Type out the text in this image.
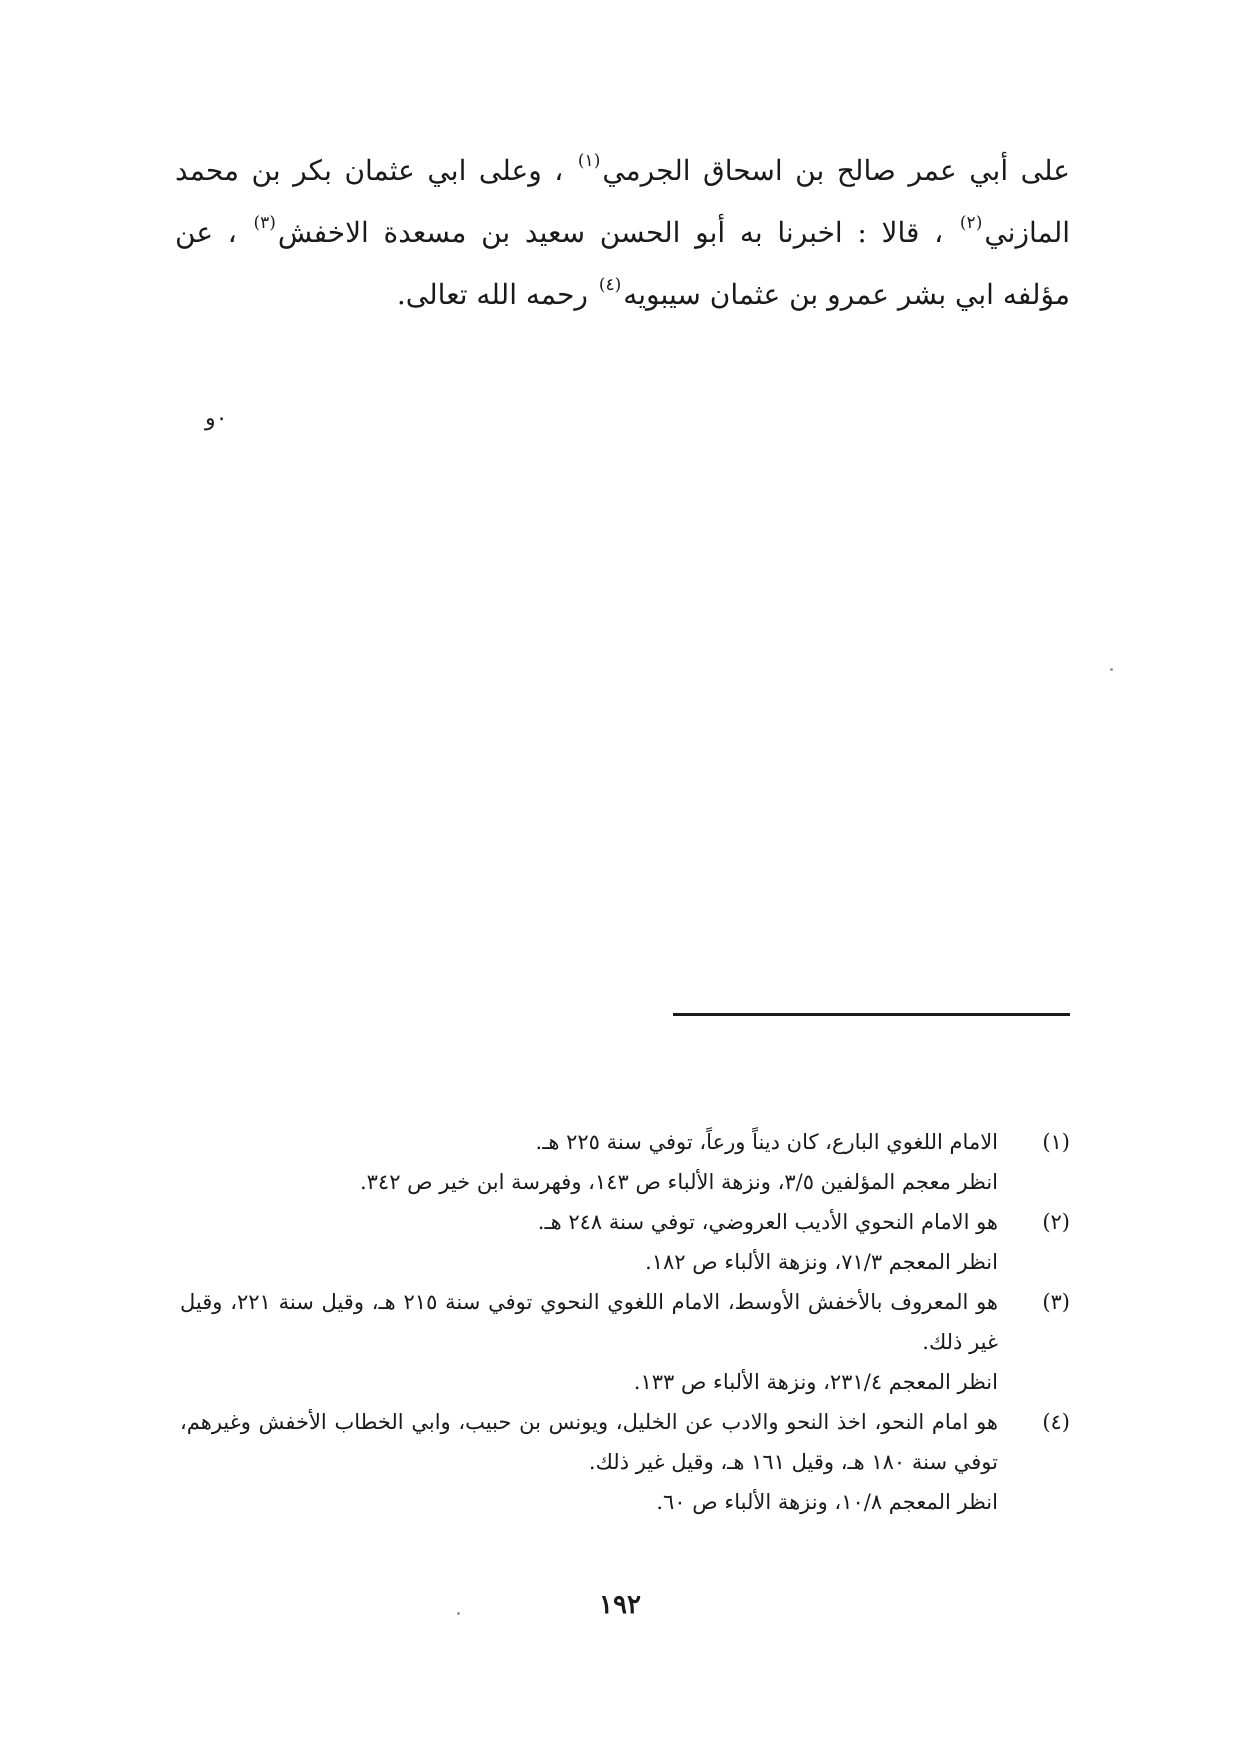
على أبي عمر صالح بن اسحاق الجرمي$^{(١)}$ ، وعلى ابي عثمان بكر بن محمد المازني$^{(٢)}$ ، قالا : اخبرنا به أبو الحسن سعيد بن مسعدة الاخفش$^{(٣)}$ ، عن مؤلفه ابي بشر عمرو بن عثمان سيبويه$^{(٤)}$ رحمه الله تعالى.
٠و
(١)
الامام اللغوي البارع، كان ديناً ورعاً، توفي سنة ٢٢٥ هـ.
انظر معجم المؤلفين ٣/٥، ونزهة الألباء ص ١٤٣، وفهرسة ابن خير ص ٣٤٢.
(٢)
هو الامام النحوي الأديب العروضي، توفي سنة ٢٤٨ هـ.
انظر المعجم ٧١/٣، ونزهة الألباء ص ١٨٢.
(٣)
هو المعروف بالأخفش الأوسط، الامام اللغوي النحوي توفي سنة ٢١٥ هـ، وقيل سنة ٢٢١، وقيل غير ذلك.
انظر المعجم ٢٣١/٤، ونزهة الألباء ص ١٣٣.
(٤)
هو امام النحو، اخذ النحو والادب عن الخليل، ويونس بن حبيب، وابي الخطاب الأخفش وغيرهم، توفي سنة ١٨٠ هـ، وقيل ١٦١ هـ، وقيل غير ذلك.
انظر المعجم ١٠/٨، ونزهة الألباء ص ٦٠.
١٩٢
